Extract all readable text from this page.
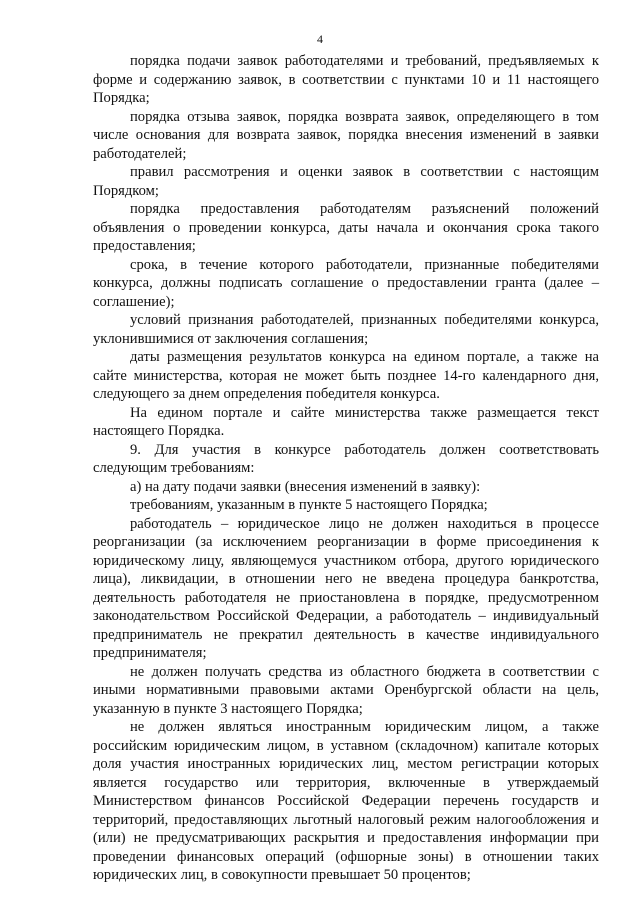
4

порядка подачи заявок работодателями и требований, предъявляемых к форме и содержанию заявок, в соответствии с пунктами 10 и 11 настоящего Порядка;

порядка отзыва заявок, порядка возврата заявок, определяющего в том числе основания для возврата заявок, порядка внесения изменений в заявки работодателей;

правил рассмотрения и оценки заявок в соответствии с настоящим Порядком;

порядка предоставления работодателям разъяснений положений объявления о проведении конкурса, даты начала и окончания срока такого предоставления;

срока, в течение которого работодатели, признанные победителями конкурса, должны подписать соглашение о предоставлении гранта (далее – соглашение);

условий признания работодателей, признанных победителями конкурса, уклонившимися от заключения соглашения;

даты размещения результатов конкурса на едином портале, а также на сайте министерства, которая не может быть позднее 14-го календарного дня, следующего за днем определения победителя конкурса.

На едином портале и сайте министерства также размещается текст настоящего Порядка.

9. Для участия в конкурсе работодатель должен соответствовать следующим требованиям:

а) на дату подачи заявки (внесения изменений в заявку):

требованиям, указанным в пункте 5 настоящего Порядка;

работодатель – юридическое лицо не должен находиться в процессе реорганизации (за исключением реорганизации в форме присоединения к юридическому лицу, являющемуся участником отбора, другого юридического лица), ликвидации, в отношении него не введена процедура банкротства, деятельность работодателя не приостановлена в порядке, предусмотренном законодательством Российской Федерации, а работодатель – индивидуальный предприниматель не прекратил деятельность в качестве индивидуального предпринимателя;

не должен получать средства из областного бюджета в соответствии с иными нормативными правовыми актами Оренбургской области на цель, указанную в пункте 3 настоящего Порядка;

не должен являться иностранным юридическим лицом, а также российским юридическим лицом, в уставном (складочном) капитале которых доля участия иностранных юридических лиц, местом регистрации которых является государство или территория, включенные в утверждаемый Министерством финансов Российской Федерации перечень государств и территорий, предоставляющих льготный налоговый режим налогообложения и (или) не предусматривающих раскрытия и предоставления информации при проведении финансовых операций (офшорные зоны) в отношении таких юридических лиц, в совокупности превышает 50 процентов;
